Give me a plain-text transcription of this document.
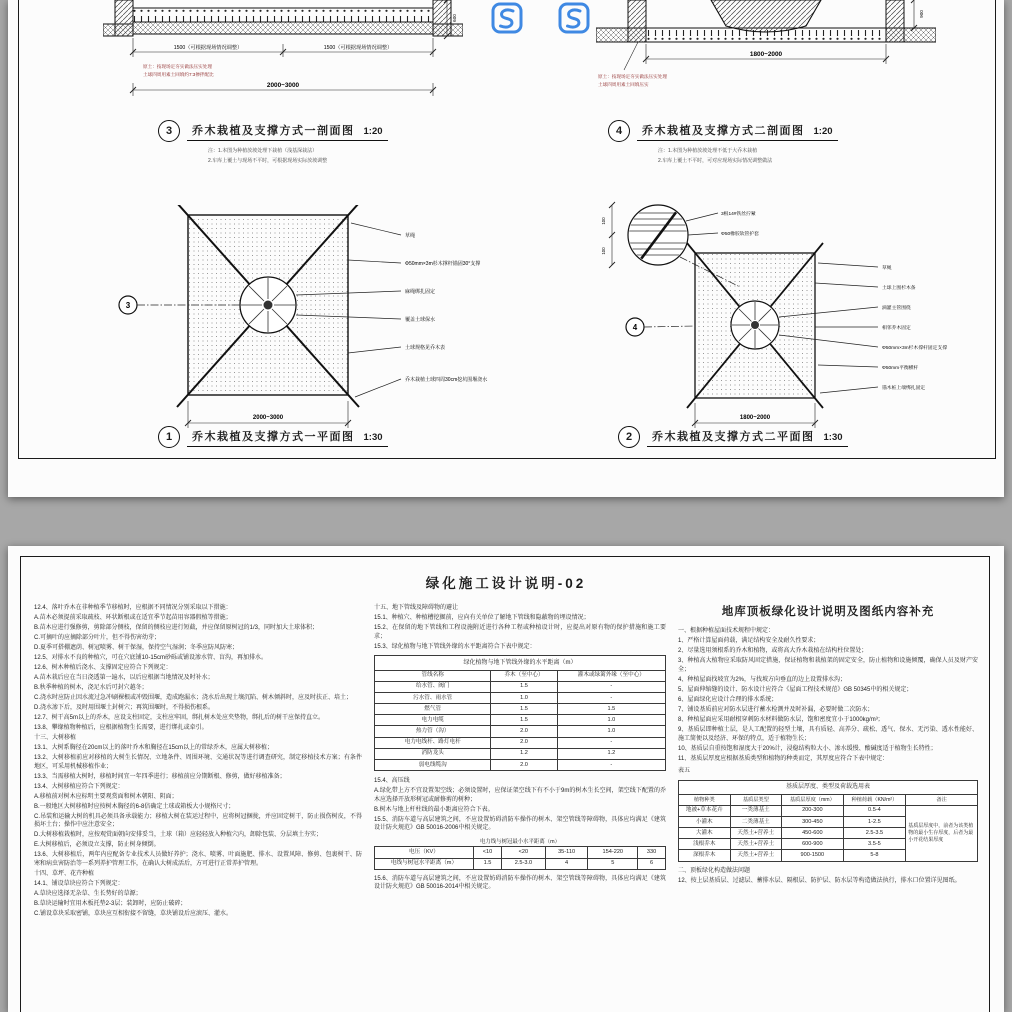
1500（可根据现场情况调整）	1500（可根据现场情况调整）
原土：按现场定夯实做法压实处理
土球四周用素土回填约7:3掺拌配比
2000~3000
600
1800~2000
900
原土：按现场定夯实做法压实处理
土球四周用素土回填压实
3	乔木栽植及支撑方式一剖面图 1:20
注：1.本图为种植放坡处理下栽植（浅基深栽法）
2.车库上覆土与现场不平时，可根据现场实际放坡调整
4	乔木栽植及支撑方式二剖面图 1:20
注：1.本图为种植放坡处理不低于大乔木栽植
2.车库上覆土不平时，可对应现场实际情况调整做法
3
草绳
Φ50mm×3m杉木撑杆锚固30°支撑
麻绳绑扎固定
覆盖土球保水
土球规格见乔木表
乔木栽植土球四周30cm挖坑围堰浇水
2000~3000
1	乔木栽植及支撑方式一平面图 1:30
100
100
3根14#铁丝拧紧
Φ50橡胶软管护套
4
草绳
土球上围杉木条
滴灌主管围绕
相邻乔木固定
Φ50mm×3m杉木撑杆固定支撑
Φ50mm平衡横杆
锚木桩上端绑扎固定
1800~2000
2	乔木栽植及支撑方式二平面图 1:30
绿化施工设计说明-02
12.4、落叶乔木在非种植季节移植时，应根据不同情况分别采取以下措施：
A.苗木必须提前采取疏枝、环状断根或在适宜季节起苗用容器假植等措施；
B.苗木应进行强修剪，剪除部分侧枝，保留的侧枝应进行短截，并应保留原树冠的1/3，同时加大土球体积；
C.可摘叶的应摘除部分叶片，但不得伤害幼芽；
D.夏季可搭棚遮荫、树冠喷雾、树干保湿，保持空气湿润；冬季应防风防寒；
12.5、对排水不良的种植穴，可在穴底铺10-15cm砂砾或铺设渗水管、盲沟，再加排水。
12.6、树木种植后浇水、支撑固定应符合下列规定：
A.苗木栽后应在当日浇透第一遍水，以后应根据当地情况及时补水；
B.秋季种植的树木，浇足水后可封穴越冬；
C.浇水时应防止因水流过急冲刷裸根或冲毁围堰，造成跑漏水；浇水后出现土壤沉陷、树木倾斜时，应及时扶正、培土；
D.浇水渗下后，及时用围堰土封树穴；再筑围堰时，不得损伤根系。
12.7、树干高5m以上的乔木，应设支柱固定，支柱应牢固，绑扎树木处应夹垫物，绑扎后的树干应保持直立。
13.8、攀缘植物种植后，应根据植物生长需要，进行绑扎或牵引。
十三、大树移植
13.1、大树系胸径在20cm以上的落叶乔木和胸径在15cm以上的常绿乔木，应属大树移植；
13.2、大树移植前应对移植的大树生长情况、立地条件、周围环境、交通状况等进行调查研究，制定移植技术方案；有条件地区，可采用机械移植作业；
13.3、当需移植大树时，移植时间宜一年四季进行；移植前应分期断根、修剪，做好移植准备；
13.4、大树移植应符合下列规定：
A.移植前对树木应标明主要观赏面和树木朝阳、阴面；
B.一般地区大树移植时应按树木胸径的6-8倍确定土球或箱板大小规格尺寸；
C.吊装和运输大树的机具必须具备承载能力；移植大树在装运过程中，应将树冠捆拢，并应固定树干，防止损伤树皮，不得损坏土台；操作中应注意安全；
D.大树移植栽植时，应按观赏面朝向安排妥当，土球（箱）应轻轻放入种植穴内，卸除包装、分层填土夯实；
E.大树移植后，必须设立支撑，防止树身倾倒。
13.6、大树移植后，两年内应配备专业技术人员做好养护；浇水、喷雾、叶面施肥、排水、设置风障、修剪、包裹树干、防寒和病虫害防治等一系列养护管理工作，在确认大树成活后，方可进行正常养护管理。
十四、草坪、花卉种植
14.1、铺设草块应符合下列规定：
A.草块应选择无杂草、生长势好的草源；
B.草块运输时宜用木板托垫2-3层；装卸时，应防止破碎；
C.铺设草块采取密铺，草块应互相衔接不留缝，草块铺设后应滚压、灌水。
十五、地下管线及障碍物的避让
15.1、种植穴、种植槽挖掘前，应向有关单位了解地下管线和隐蔽物的埋设情况；
15.2、在保留的地下管线和工程设施附近进行各种工程或种植设计时，应提出对原有物的保护措施和施工要求；
15.3、绿化植物与地下管线外缘的水平距离符合下表中规定：
绿化植物与地下管线外缘的水平距离（m）
管线名称	乔木（至中心）	灌木或绿篱外缘（至中心）
给水管、阀门	1.5	-
污水管、雨水管	1.0	-
燃气管	1.5	1.5
电力电缆	1.5	1.0
热力管（沟）	2.0	1.0
电力电线杆、路灯电杆	2.0	-
消防龙头	1.2	1.2
弱电线缆沟	2.0	-
15.4、高压线
A.绿化带上方不宜设置架空线；必须设置时，应保证架空线下有不小于9m的树木生长空间，架空线下配置的乔木应选择开放形树冠或耐修剪的树种；
B.树木与地上杆柱线的最小距离应符合下表。
15.5、消防车道与高层建筑之间，不应设置妨碍消防车操作的树木、架空管线等障碍物，具体应均满足《建筑设计防火规范》GB 50016-2006中相关规定。
电力线与树冠最小水平距离（m）
电压（KV）	<10	<20	35-110	154-220	330
电线与树冠水平距离（m）	1.5	2.5-3.0	4	5	6
15.6、消防车道与高层建筑之间，不应设置妨碍消防车操作的树木、架空管线等障碍物，具体应均满足《建筑设计防火规范》GB 50016-2014中相关规定。
地库顶板绿化设计说明及图纸内容补充
一、根据种植屋面技术规程中规定：
1、严格计算屋面荷载，满足结构安全及耐久性要求；
2、尽量选用须根系的乔木和植物，或将高大乔木栽植在结构柱位置处；
3、种植高大植物应采取防风固定措施，保证植物和栽植架的固定安全，防止植物和设施倾覆，确保人员及财产安全；
4、种植屋面找坡宜为2%，与找坡方向垂直的边上设置排水沟；
5、屋面伸缩缝的设计、防水设计应符合《屋面工程技术规范》GB 50345中的相关规定；
6、屋面绿化应设计合理的排水系统；
7、铺设基质前应对防水层进行蓄水检测并及时补漏，必要时做二次防水；
8、种植屋面应采用耐根穿刺防水材料做防水层，饱和密度宜小于1000kg/m³；
9、基质层即种植土层，是人工配置的轻型土壤，具有质轻、高养分、疏松、透气、保水、无污染、透水性能好、施工简便以及经济、环保的特点，适于植物生长；
10、基质层自重按饱和湿度大于20%计，浸稳结构粒大小、渗水缓慢、酸碱度适于植物生长特性；
11、基质层厚度应根据基质类型和植物的种类而定，其厚度应符合下表中规定：
表五
基质层厚度、类型及荷载选用表
植物种类	基质层类型	基质层厚度（mm）	种植荷载（KN/m²）	备注
地被+草本花卉	一类薄基土	200-300	0.5-4	基质层厚度中，前者为该类植物的最小生存厚度，后者为最小开花结果厚度
小灌木	二类薄基土	300-450	1-2.5	
大灌木	天然土+营养土	450-600	2.5-3.5	
浅根乔木	天然土+营养土	600-900	3.5-5	
深根乔木	天然土+营养土	900-1500	5-8	
二、顶板绿化构造做法问题
12、按上层基质层、过滤层、蓄排水层、隔根层、防护层、防水层等构造做法执行，排水口位置详见图纸。
